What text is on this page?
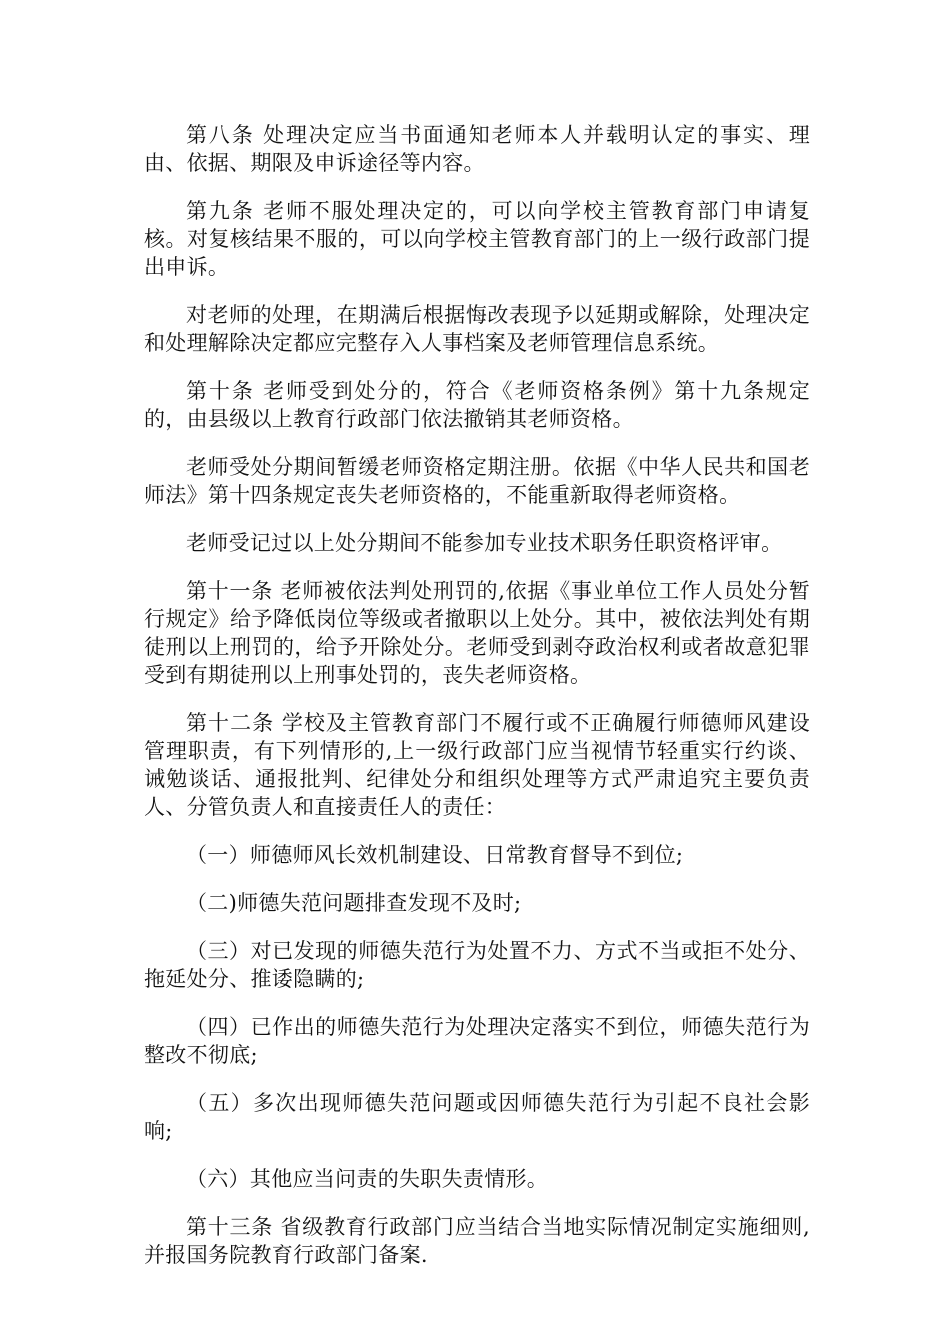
第八条 处理决定应当书面通知老师本人并载明认定的事实、理由、依据、期限及申诉途径等内容。

第九条 老师不服处理决定的，可以向学校主管教育部门申请复核。对复核结果不服的，可以向学校主管教育部门的上一级行政部门提出申诉。

对老师的处理，在期满后根据悔改表现予以延期或解除，处理决定和处理解除决定都应完整存入人事档案及老师管理信息系统。

第十条 老师受到处分的，符合《老师资格条例》第十九条规定的，由县级以上教育行政部门依法撤销其老师资格。

老师受处分期间暂缓老师资格定期注册。依据《中华人民共和国老师法》第十四条规定丧失老师资格的，不能重新取得老师资格。

老师受记过以上处分期间不能参加专业技术职务任职资格评审。

第十一条 老师被依法判处刑罚的,依据《事业单位工作人员处分暂行规定》给予降低岗位等级或者撤职以上处分。其中，被依法判处有期徒刑以上刑罚的，给予开除处分。老师受到剥夺政治权利或者故意犯罪受到有期徒刑以上刑事处罚的，丧失老师资格。

第十二条 学校及主管教育部门不履行或不正确履行师德师风建设管理职责，有下列情形的,上一级行政部门应当视情节轻重实行约谈、诫勉谈话、通报批判、纪律处分和组织处理等方式严肃追究主要负责人、分管负责人和直接责任人的责任：

（一）师德师风长效机制建设、日常教育督导不到位;

（二)师德失范问题排查发现不及时;

（三）对已发现的师德失范行为处置不力、方式不当或拒不处分、拖延处分、推诿隐瞒的;

（四）已作出的师德失范行为处理决定落实不到位，师德失范行为整改不彻底;

（五）多次出现师德失范问题或因师德失范行为引起不良社会影响;

（六）其他应当问责的失职失责情形。

第十三条 省级教育行政部门应当结合当地实际情况制定实施细则,并报国务院教育行政部门备案.
